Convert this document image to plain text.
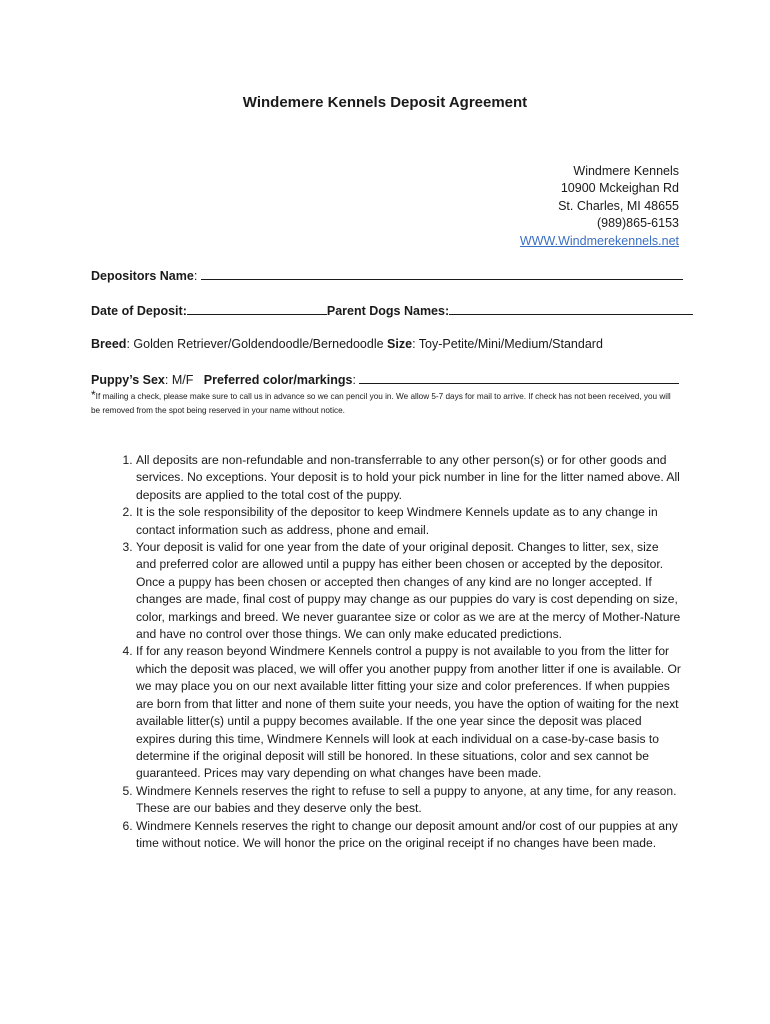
Windemere Kennels Deposit Agreement
Windmere Kennels
10900 Mckeighan Rd
St. Charles, MI 48655
(989)865-6153
WWW.Windmerekennels.net
Depositors Name:
Date of Deposit:	Parent Dogs Names:
Breed: Golden Retriever/Goldendoodle/Bernedoodle Size: Toy-Petite/Mini/Medium/Standard
Puppy’s Sex: M/F Preferred color/markings:
*If mailing a check, please make sure to call us in advance so we can pencil you in. We allow 5-7 days for mail to arrive. If check has not been received, you will be removed from the spot being reserved in your name without notice.
1. All deposits are non-refundable and non-transferrable to any other person(s) or for other goods and services. No exceptions. Your deposit is to hold your pick number in line for the litter named above. All deposits are applied to the total cost of the puppy.
2. It is the sole responsibility of the depositor to keep Windmere Kennels update as to any change in contact information such as address, phone and email.
3. Your deposit is valid for one year from the date of your original deposit. Changes to litter, sex, size and preferred color are allowed until a puppy has either been chosen or accepted by the depositor. Once a puppy has been chosen or accepted then changes of any kind are no longer accepted. If changes are made, final cost of puppy may change as our puppies do vary is cost depending on size, color, markings and breed. We never guarantee size or color as we are at the mercy of Mother-Nature and have no control over those things. We can only make educated predictions.
4. If for any reason beyond Windmere Kennels control a puppy is not available to you from the litter for which the deposit was placed, we will offer you another puppy from another litter if one is available. Or we may place you on our next available litter fitting your size and color preferences. If when puppies are born from that litter and none of them suite your needs, you have the option of waiting for the next available litter(s) until a puppy becomes available. If the one year since the deposit was placed expires during this time, Windmere Kennels will look at each individual on a case-by-case basis to determine if the original deposit will still be honored. In these situations, color and sex cannot be guaranteed. Prices may vary depending on what changes have been made.
5. Windmere Kennels reserves the right to refuse to sell a puppy to anyone, at any time, for any reason. These are our babies and they deserve only the best.
6. Windmere Kennels reserves the right to change our deposit amount and/or cost of our puppies at any time without notice. We will honor the price on the original receipt if no changes have been made.
